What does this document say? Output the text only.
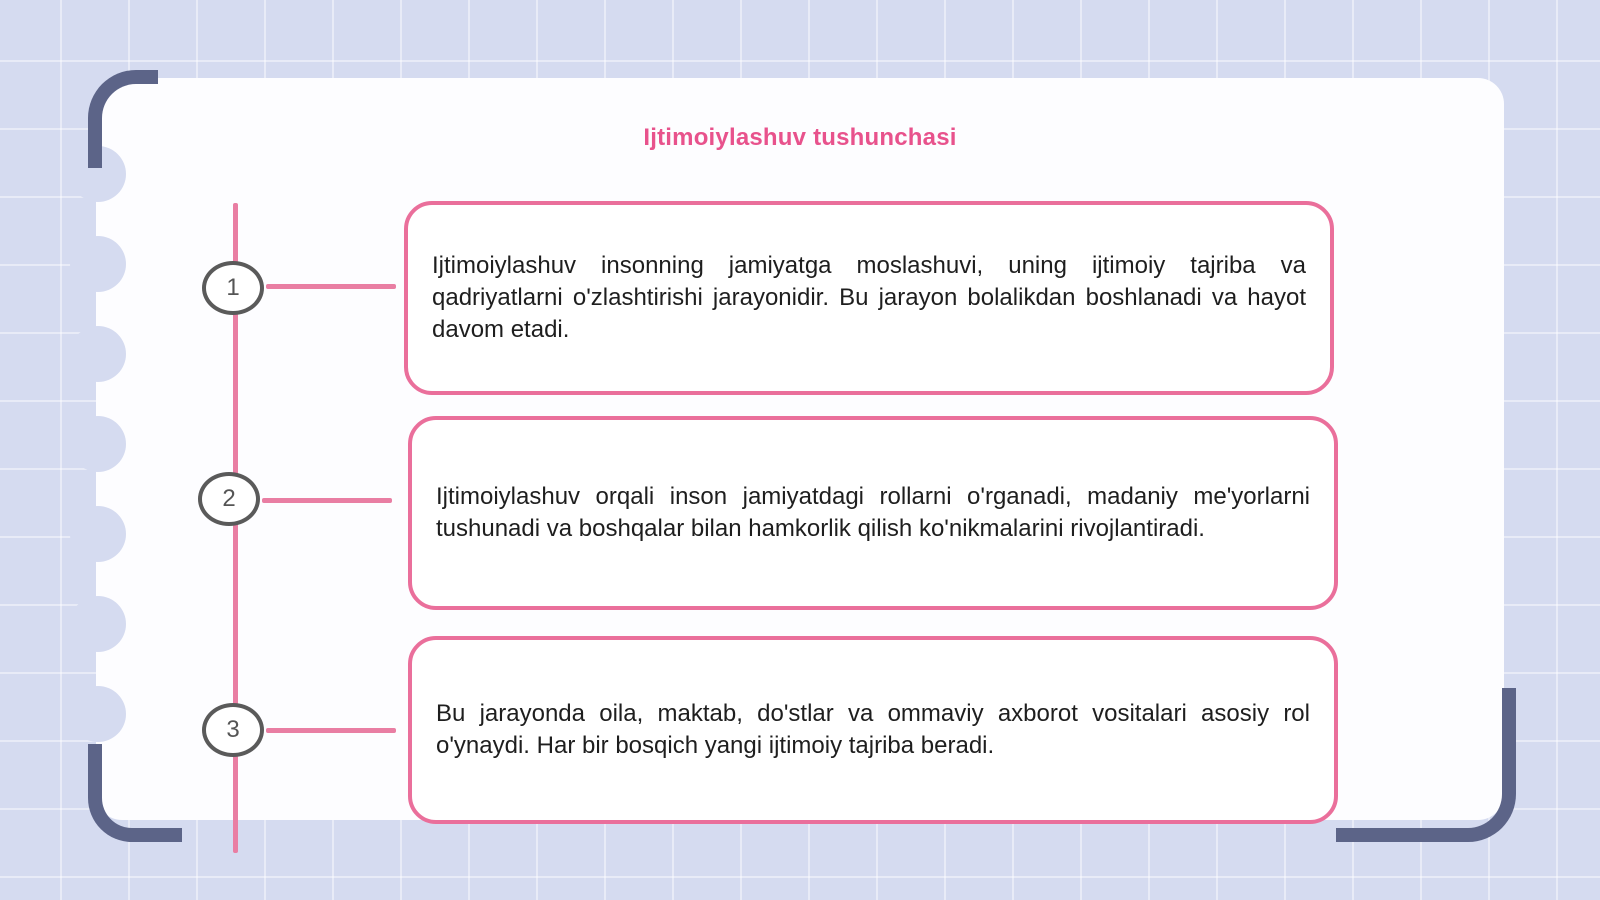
Ijtimoiylashuv tushunchasi
1
2
3

Ijtimoiylashuv insonning jamiyatga moslashuvi, uning ijtimoiy tajriba va qadriyatlarni o'zlashtirishi jarayonidir. Bu jarayon bolalikdan boshlanadi va hayot davom etadi.

Ijtimoiylashuv orqali inson jamiyatdagi rollarni o'rganadi, madaniy me'yorlarni tushunadi va boshqalar bilan hamkorlik qilish ko'nikmalarini rivojlantiradi.

Bu jarayonda oila, maktab, do'stlar va ommaviy axborot vositalari asosiy rol o'ynaydi. Har bir bosqich yangi ijtimoiy tajriba beradi.
